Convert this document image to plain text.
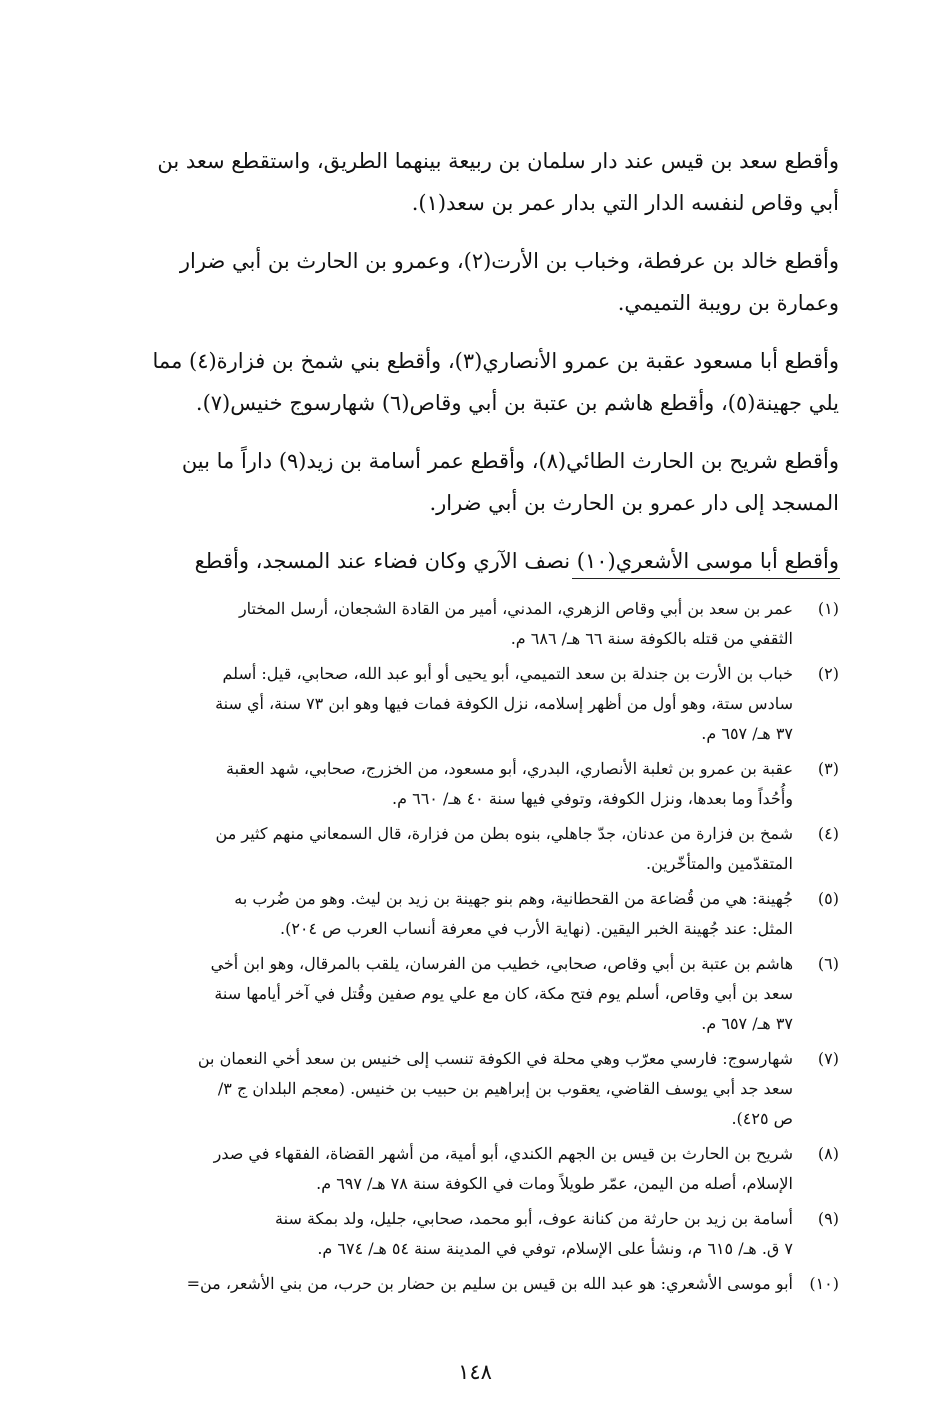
وأقطع سعد بن قيس عند دار سلمان بن ربيعة بينهما الطريق، واستقطع سعد بن
أبي وقاص لنفسه الدار التي بدار عمر بن سعد(١).

وأقطع خالد بن عرفطة، وخباب بن الأرت(٢)، وعمرو بن الحارث بن أبي ضرار
وعمارة بن رويبة التميمي.

وأقطع أبا مسعود عقبة بن عمرو الأنصاري(٣)، وأقطع بني شمخ بن فزارة(٤) مما
يلي جهينة(٥)، وأقطع هاشم بن عتبة بن أبي وقاص(٦) شهارسوج خنيس(٧).

وأقطع شريح بن الحارث الطائي(٨)، وأقطع عمر أسامة بن زيد(٩) داراً ما بين
المسجد إلى دار عمرو بن الحارث بن أبي ضرار.

وأقطع أبا موسى الأشعري(١٠) نصف الآري وكان فضاء عند المسجد، وأقطع

(١)
عمر بن سعد بن أبي وقاص الزهري، المدني، أمير من القادة الشجعان، أرسل المختار
الثقفي من قتله بالكوفة سنة ٦٦ هـ/ ٦٨٦ م.
(٢)
خباب بن الأرت بن جندلة بن سعد التميمي، أبو يحيى أو أبو عبد الله، صحابي، قيل: أسلم
سادس ستة، وهو أول من أظهر إسلامه، نزل الكوفة فمات فيها وهو ابن ٧٣ سنة، أي سنة
٣٧ هـ/ ٦٥٧ م.
(٣)
عقبة بن عمرو بن ثعلبة الأنصاري، البدري، أبو مسعود، من الخزرج، صحابي، شهد العقبة
وأُحُداً وما بعدها، ونزل الكوفة، وتوفي فيها سنة ٤٠ هـ/ ٦٦٠ م.
(٤)
شمخ بن فزارة من عدنان، جدّ جاهلي، بنوه بطن من فزارة، قال السمعاني منهم كثير من
المتقدّمين والمتأخّرين.
(٥)
جُهينة: هي من قُضاعة من القحطانية، وهم بنو جهينة بن زيد بن ليث. وهو من ضُرب به
المثل: عند جُهينة الخبر اليقين. (نهاية الأرب في معرفة أنساب العرب ص ٢٠٤).
(٦)
هاشم بن عتبة بن أبي وقاص، صحابي، خطيب من الفرسان، يلقب بالمرقال، وهو ابن أخي
سعد بن أبي وقاص، أسلم يوم فتح مكة، كان مع علي يوم صفين وقُتل في آخر أيامها سنة
٣٧ هـ/ ٦٥٧ م.
(٧)
شهارسوج: فارسي معرّب وهي محلة في الكوفة تنسب إلى خنيس بن سعد أخي النعمان بن
سعد جد أبي يوسف القاضي، يعقوب بن إبراهيم بن حبيب بن خنيس. (معجم البلدان ج ٣/
ص ٤٢٥).
(٨)
شريح بن الحارث بن قيس بن الجهم الكندي، أبو أمية، من أشهر القضاة، الفقهاء في صدر
الإسلام، أصله من اليمن، عمّر طويلاً ومات في الكوفة سنة ٧٨ هـ/ ٦٩٧ م.
(٩)
أسامة بن زيد بن حارثة من كنانة عوف، أبو محمد، صحابي، جليل، ولد بمكة سنة
٧ ق. هـ/ ٦١٥ م، ونشأ على الإسلام، توفي في المدينة سنة ٥٤ هـ/ ٦٧٤ م.
(١٠)
أبو موسى الأشعري: هو عبد الله بن قيس بن سليم بن حضار بن حرب، من بني الأشعر، من=
١٤٨
